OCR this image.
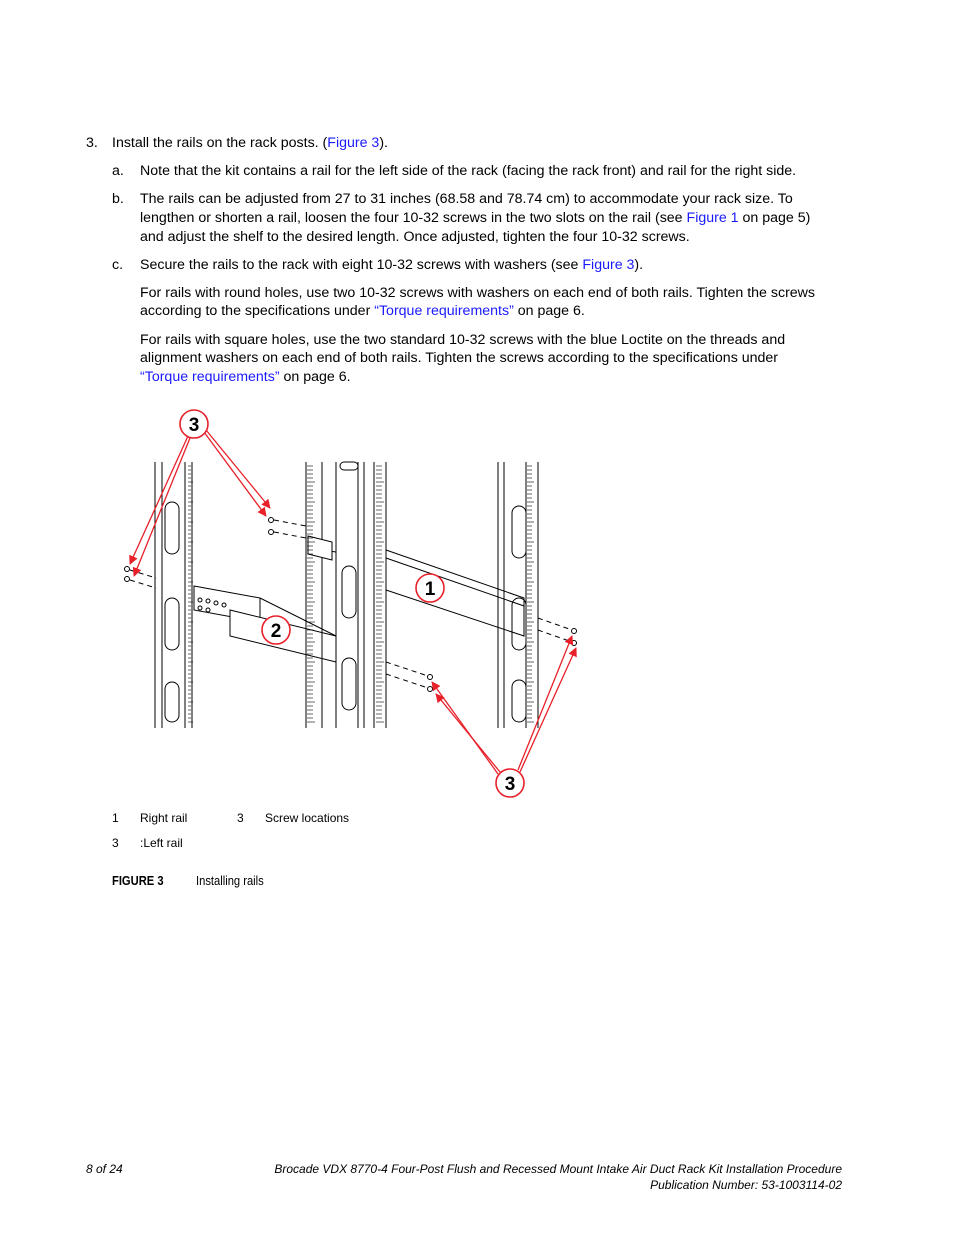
3. Install the rails on the rack posts. (Figure 3).
a. Note that the kit contains a rail for the left side of the rack (facing the rack front) and rail for the right side.
b. The rails can be adjusted from 27 to 31 inches (68.58 and 78.74 cm) to accommodate your rack size. To
lengthen or shorten a rail, loosen the four 10-32 screws in the two slots on the rail (see Figure 1 on page 5)
and adjust the shelf to the desired length. Once adjusted, tighten the four 10-32 screws.
c. Secure the rails to the rack with eight 10-32 screws with washers (see Figure 3).
For rails with round holes, use two 10-32 screws with washers on each end of both rails. Tighten the screws
according to the specifications under “Torque requirements” on page 6.
For rails with square holes, use the two standard 10-32 screws with the blue Loctite on the threads and
alignment washers on each end of both rails. Tighten the screws according to the specifications under
“Torque requirements” on page 6.
3
1
2
3
1 Right rail	3 Screw locations
3 :Left rail
FIGURE 3 Installing rails
8 of 24	Brocade VDX 8770-4 Four-Post Flush and Recessed Mount Intake Air Duct Rack Kit Installation Procedure
Publication Number: 53-1003114-02
